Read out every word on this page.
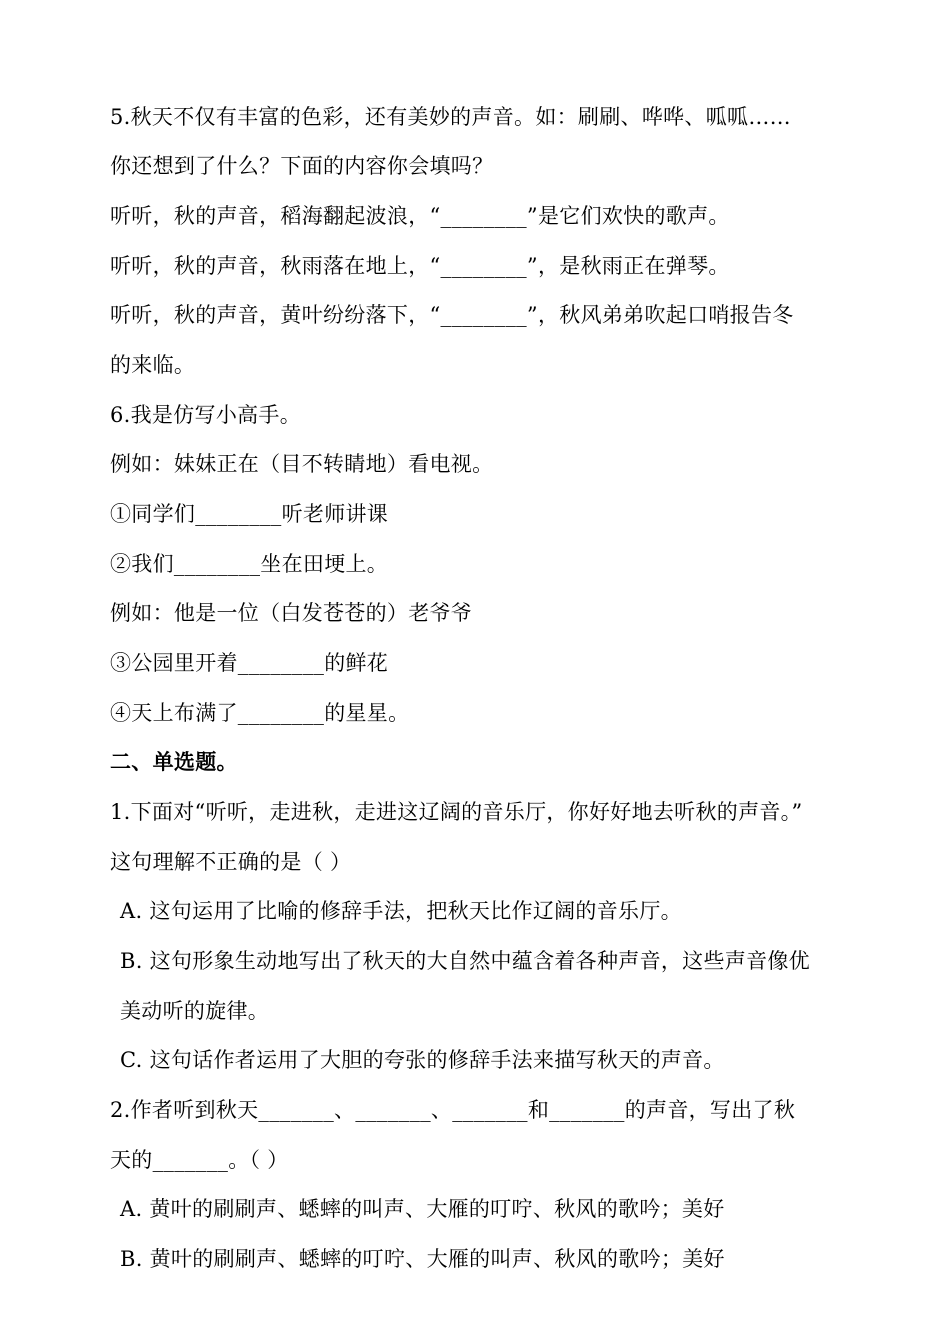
5.秋天不仅有丰富的色彩，还有美妙的声音。如：刷刷、哗哗、呱呱……
你还想到了什么？下面的内容你会填吗？
听听，秋的声音，稻海翻起波浪，“________”是它们欢快的歌声。
听听，秋的声音，秋雨落在地上，“________”，是秋雨正在弹琴。
听听，秋的声音，黄叶纷纷落下，“________”，秋风弟弟吹起口哨报告冬
的来临。
6.我是仿写小高手。
例如：妹妹正在（目不转睛地）看电视。
①同学们________听老师讲课
②我们________坐在田埂上。
例如：他是一位（白发苍苍的）老爷爷
③公园里开着________的鲜花
④天上布满了________的星星。
二、单选题。
1.下面对“听听，走进秋，走进这辽阔的音乐厅，你好好地去听秋的声音。”
这句理解不正确的是（ ）
A. 这句运用了比喻的修辞手法，把秋天比作辽阔的音乐厅。
B. 这句形象生动地写出了秋天的大自然中蕴含着各种声音，这些声音像优
美动听的旋律。
C. 这句话作者运用了大胆的夸张的修辞手法来描写秋天的声音。
2.作者听到秋天_______、_______、_______和_______的声音，写出了秋
天的_______。（ ）
A. 黄叶的刷刷声、蟋蟀的叫声、大雁的叮咛、秋风的歌吟；美好
B. 黄叶的刷刷声、蟋蟀的叮咛、大雁的叫声、秋风的歌吟；美好
